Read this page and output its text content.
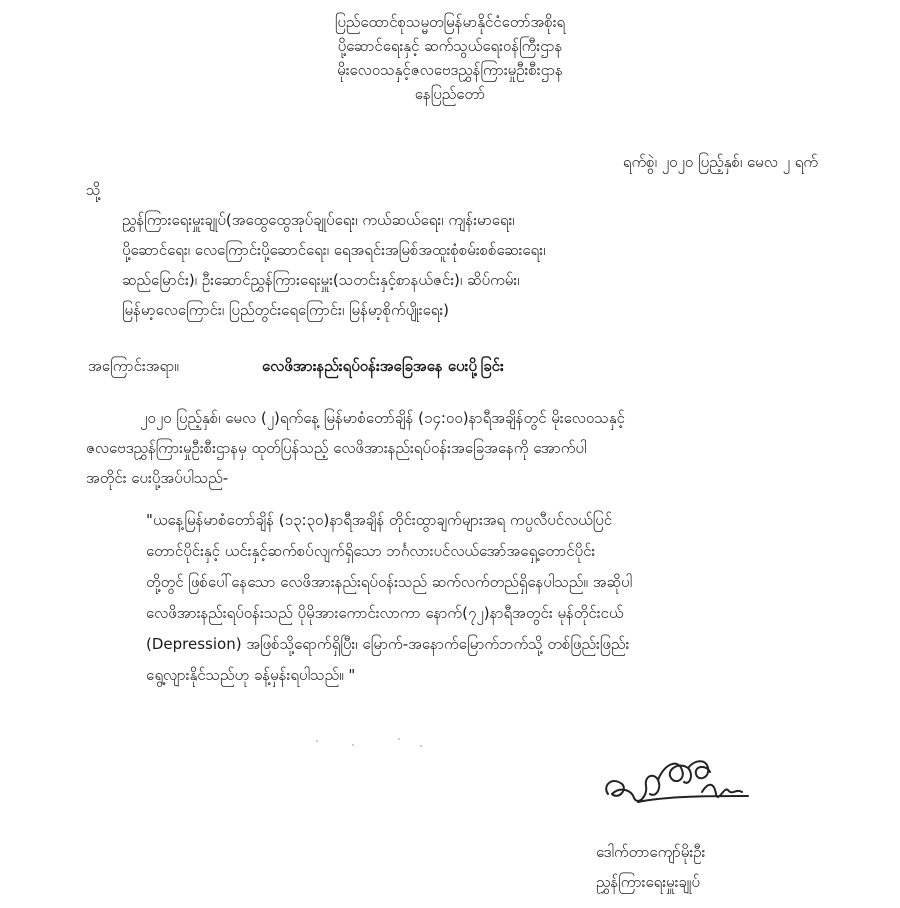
ပြည်ထောင်စုသမ္မတမြန်မာနိုင်ငံတော်အစိုးရ
ပို့ဆောင်ရေးနှင့် ဆက်သွယ်ရေးဝန်ကြီးဌာန
မိုးလေဝသနှင့်ဇလဗေဒညွှန်ကြားမှုဦးစီးဌာန
နေပြည်တော်
ရက်စွဲ၊ ၂၀၂၀ ပြည့်နှစ်၊ မေလ ၂ ရက်
သို့
ညွှန်ကြားရေးမှူးချုပ်(အထွေထွေအုပ်ချုပ်ရေး၊ ကယ်ဆယ်ရေး၊ ကျန်းမာရေး၊
ပို့ဆောင်ရေး၊ လေကြောင်းပို့ဆောင်ရေး၊ ရေအရင်းအမြစ်အထူးစုံစမ်းစစ်ဆေးရေး၊
ဆည်မြောင်း)၊ ဦးဆောင်ညွှန်ကြားရေးမှူး(သတင်းနှင့်စာနယ်ဇင်း)၊ ဆိပ်ကမ်း၊
မြန်မာ့လေကြောင်း၊ ပြည်တွင်းရေကြောင်း၊ မြန်မာ့စိုက်ပျိုးရေး)
အကြောင်းအရာ။	လေဖိအားနည်းရပ်ဝန်းအခြေအနေ ပေးပို့ခြင်း
၂၀၂၀ ပြည့်နှစ်၊ မေလ (၂)ရက်နေ့ မြန်မာစံတော်ချိန် (၁၄:၀၀)နာရီအချိန်တွင် မိုးလေဝသနှင့်
ဇလဗေဒညွှန်ကြားမှုဦးစီးဌာနမှ ထုတ်ပြန်သည့် လေဖိအားနည်းရပ်ဝန်းအခြေအနေကို အောက်ပါ
အတိုင်း ပေးပို့အပ်ပါသည်-
"ယနေ့မြန်မာစံတော်ချိန် (၁၃:၃၀)နာရီအချိန် တိုင်းထွာချက်များအရ ကပ္ပလီပင်လယ်ပြင်
တောင်ပိုင်းနှင့် ယင်းနှင့်ဆက်စပ်လျက်ရှိသော ဘင်္ဂလားပင်လယ်အော်အရှေ့တောင်ပိုင်း
တို့တွင် ဖြစ်ပေါ်နေသော လေဖိအားနည်းရပ်ဝန်းသည် ဆက်လက်တည်ရှိနေပါသည်။ အဆိုပါ
လေဖိအားနည်းရပ်ဝန်းသည် ပိုမိုအားကောင်းလာကာ နောက်(၇၂)နာရီအတွင်း မုန်တိုင်းငယ်
(Depression) အဖြစ်သို့ရောက်ရှိပြီး၊ မြောက်-အနောက်မြောက်ဘက်သို့ တစ်ဖြည်းဖြည်း
ရွေ့လျားနိုင်သည်ဟု ခန့်မှန်းရပါသည်။ "
ဒေါက်တာကျော်မိုးဦး
ညွှန်ကြားရေးမှူးချုပ်
